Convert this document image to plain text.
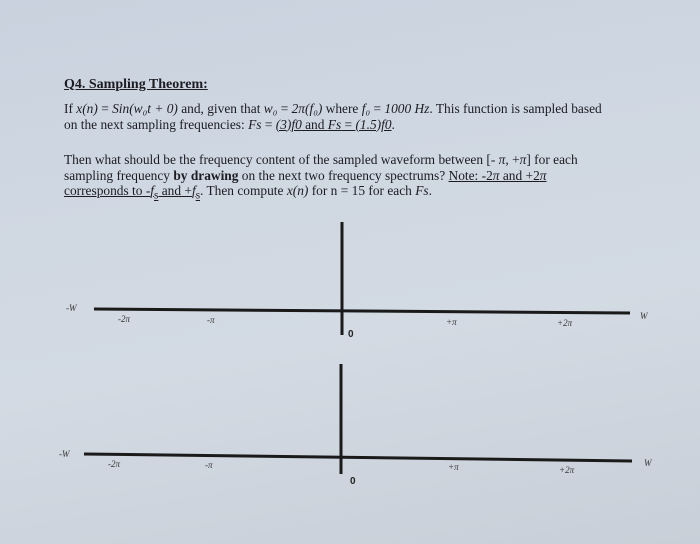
Q4. Sampling Theorem:
If x(n) = Sin(w₀t + 0) and, given that w₀ = 2π(f₀) where f₀ = 1000 Hz. This function is sampled based
on the next sampling frequencies: Fs = (3)f0 and Fs = (1.5)f0.
Then what should be the frequency content of the sampled waveform between [- π, +π] for each
sampling frequency by drawing on the next two frequency spectrums? Note: -2π and +2π
corresponds to $-f_s$ and $+f_s$. Then compute x(n) for n = 15 for each Fs.
-W
W
-2π	-π	+π	+2π
0
-W
W
-2π	-π	+π	+2π
0
